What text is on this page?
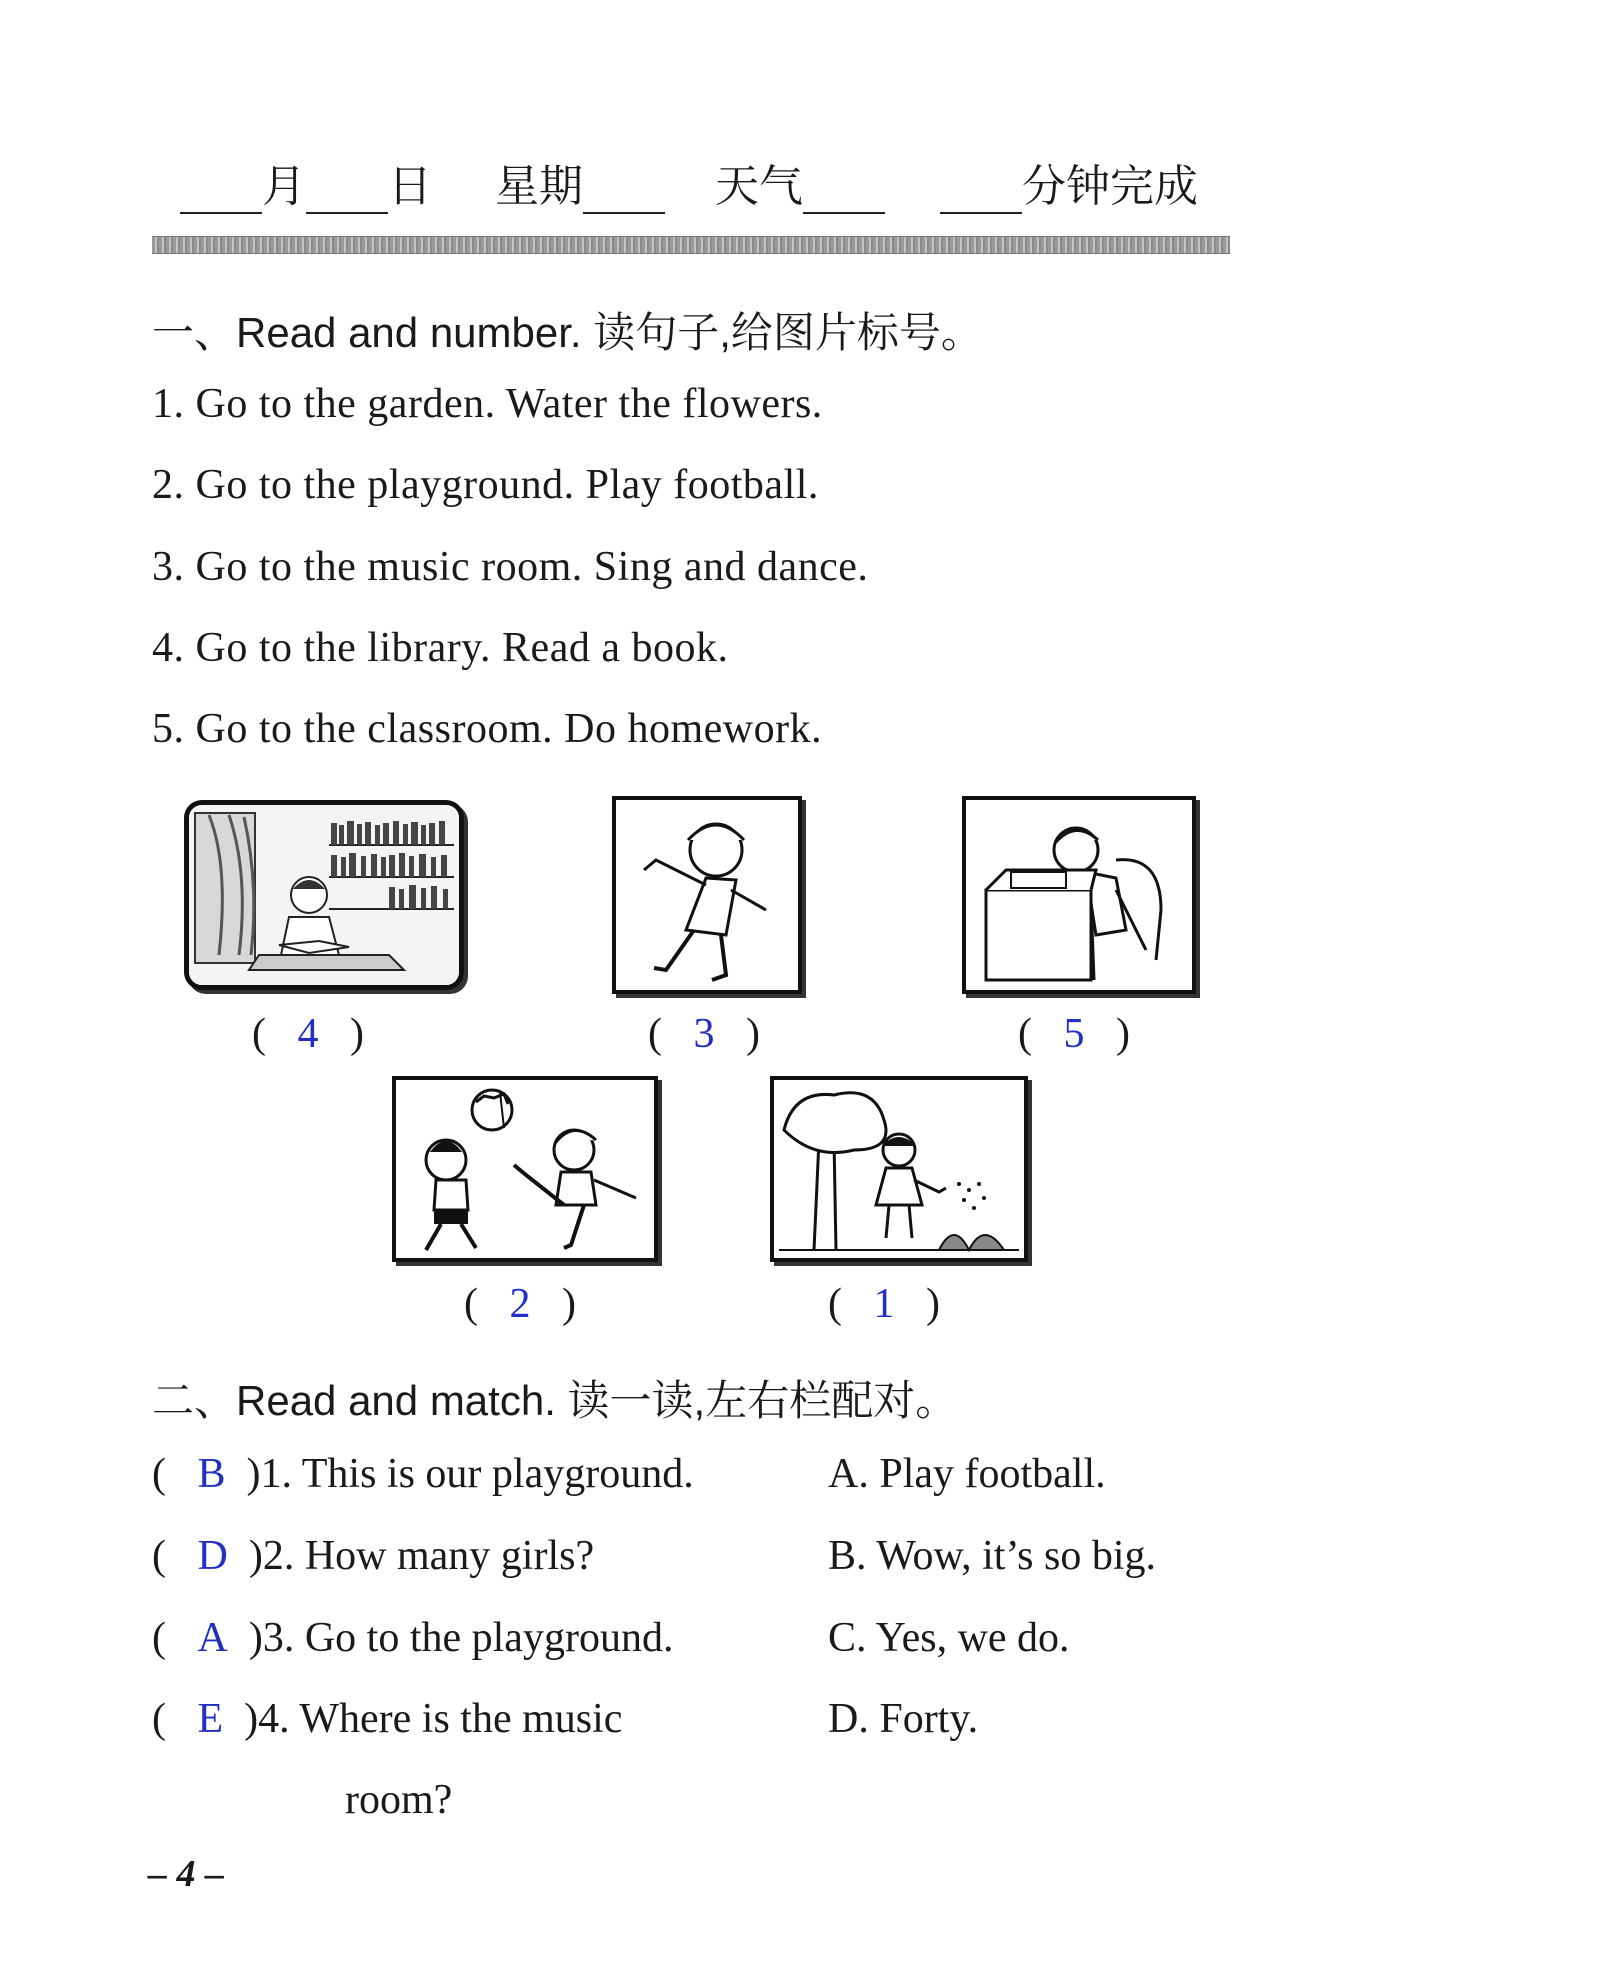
月 日 星期	天气	分钟完成
一、Read and number. 读句子,给图片标号。
1. Go to the garden. Water the flowers.
2. Go to the playground. Play football.
3. Go to the music room. Sing and dance.
4. Go to the library. Read a book.
5. Go to the classroom. Do homework.
(   4   )	(   3   )	(   5   )
(   2   )	(   1   )
二、Read and match. 读一读,左右栏配对。
(   B )1. This is our playground.	A. Play football.
(   D )2. How many girls?	B. Wow, it’s so big.
(   A )3. Go to the playground.	C. Yes, we do.
(   E )4. Where is the music	D. Forty.
room?
– 4 –
